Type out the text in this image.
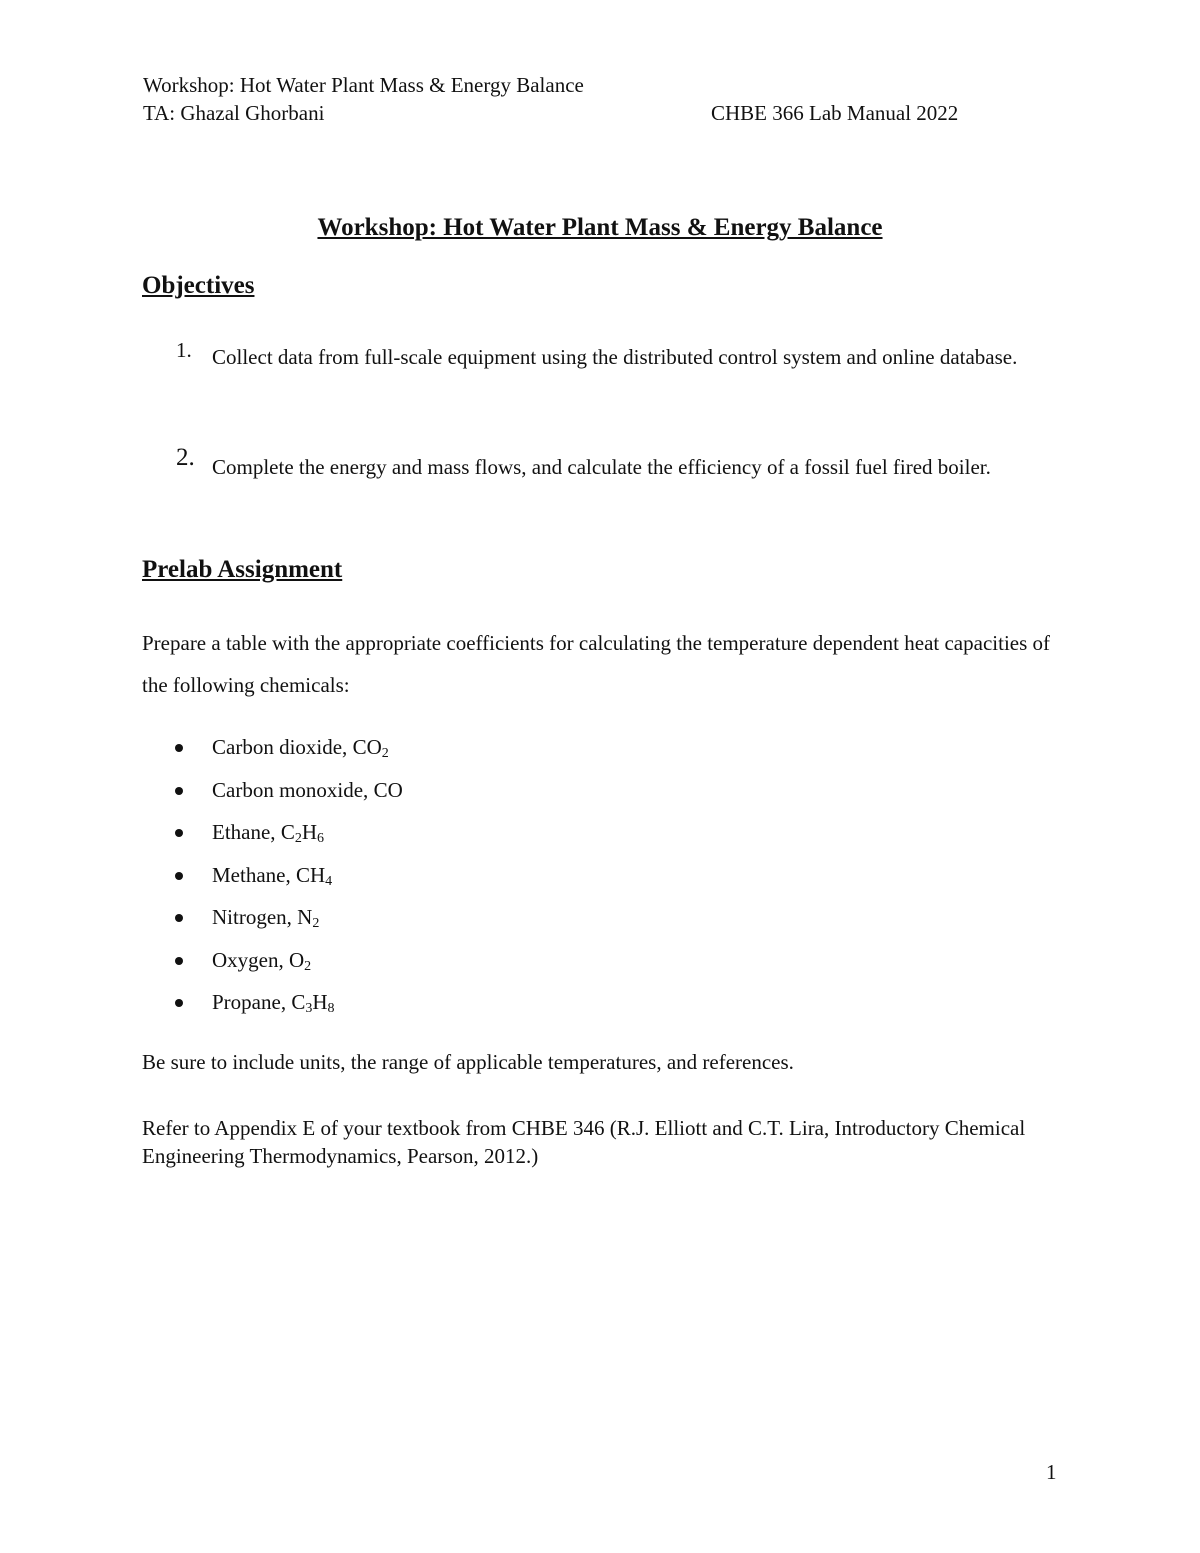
Workshop: Hot Water Plant Mass & Energy Balance
TA: Ghazal Ghorbani	CHBE 366 Lab Manual 2022
Workshop: Hot Water Plant Mass & Energy Balance
Objectives
1. Collect data from full-scale equipment using the distributed control system and online database.
2. Complete the energy and mass flows, and calculate the efficiency of a fossil fuel fired boiler.
Prelab Assignment
Prepare a table with the appropriate coefficients for calculating the temperature dependent heat capacities of the following chemicals:
Carbon dioxide, $CO_2$
Carbon monoxide, CO
Ethane, $C_2H_6$
Methane, $CH_4$
Nitrogen, $N_2$
Oxygen, $O_2$
Propane, $C_3H_8$
Be sure to include units, the range of applicable temperatures, and references.
Refer to Appendix E of your textbook from CHBE 346 (R.J. Elliott and C.T. Lira, Introductory Chemical Engineering Thermodynamics, Pearson, 2012.)
1
